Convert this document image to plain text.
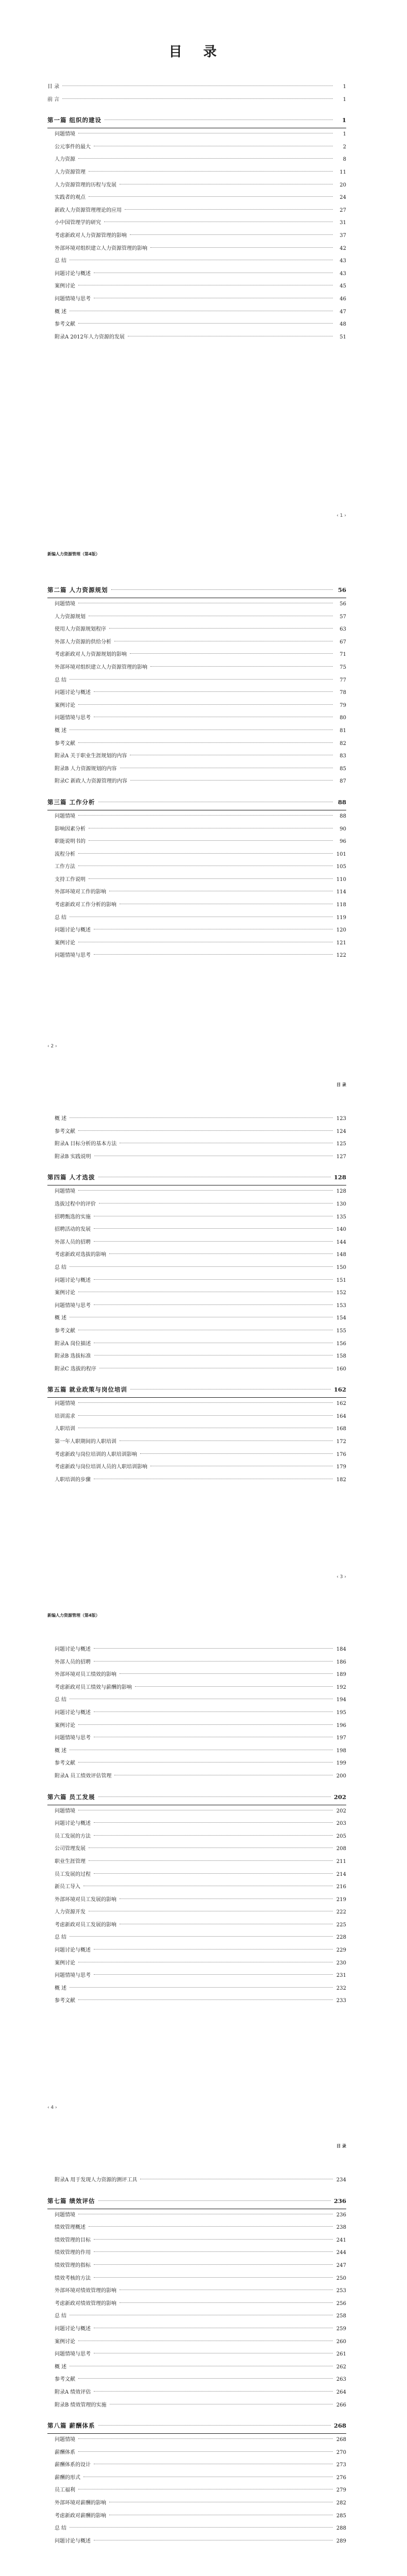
目 录
目 录	1
前 言	1
第一篇 组织的建设	1
问题情境	1
公元事件的最大	2
人力资源	8
人力资源管理	11
人力资源管理的历程与发展	20
实践者的观点	24
新政人力资源管理理论的应用	27
小中国管理学的研究	31
考虑新政对人力资源管理的影响	37
外部环境对组织建立人力资源管理的影响	42
总 结	43
问题讨论与概述	43
案例讨论	45
问题情境与思考	46
概 述	47
参考文献	48
附录A 2012年人力资源的发展	51
‹ 1 ›
新编人力资源管理（第4版）
第二篇 人力资源规划	56
问题情境	56
人力资源规划	57
使用人力资源规划程序	63
外部人力资源的供给分析	67
考虑新政对人力资源规划的影响	71
外部环境对组织建立人力资源管理的影响	75
总 结	77
问题讨论与概述	78
案例讨论	79
问题情境与思考	80
概 述	81
参考文献	82
附录A 关于职业生涯规划的内容	83
附录B 人力资源规划的内容	85
附录C 新政人力资源管理的内容	87
第三篇 工作分析	88
问题情境	88
影响因素分析	90
职能说明书的	96
流程分析	101
工作方法	105
支持工作说明	110
外部环境对工作的影响	114
考虑新政对工作分析的影响	118
总 结	119
问题讨论与概述	120
案例讨论	121
问题情境与思考	122
‹ 2 ›
目 录
概 述	123
参考文献	124
附录A 目标分析的基本方法	125
附录B 实践说明	127
第四篇 人才选拔	128
问题情境	128
选拔过程中的评价	130
招聘甄选的实施	135
招聘活动的发展	140
外部人员的招聘	144
考虑新政对选拔的影响	148
总 结	150
问题讨论与概述	151
案例讨论	152
问题情境与思考	153
概 述	154
参考文献	155
附录A 岗位描述	156
附录B 选拔标准	158
附录C 选拔的程序	160
第五篇 就业政策与岗位培训	162
问题情境	162
培训需求	164
人职培训	168
第一年人职期间的人职培训	172
考虑新政与岗位培训的人职培训影响	176
考虑新政与岗位培训人员的人职培训影响	179
人职培训的步骤	182
‹ 3 ›
新编人力资源管理（第4版）
问题讨论与概述	184
外部人员的招聘	186
外部环境对员工绩效的影响	189
考虑新政对员工绩效与薪酬的影响	192
总 结	194
问题讨论与概述	195
案例讨论	196
问题情境与思考	197
概 述	198
参考文献	199
附录A 员工绩效评估管理	200
第六篇 员工发展	202
问题情境	202
问题讨论与概述	203
员工发展的方法	205
公司管理发展	208
职业生涯管理	211
员工发展的过程	214
新员工导入	216
外部环境对员工发展的影响	219
人力资源开发	222
考虑新政对员工发展的影响	225
总 结	228
问题讨论与概述	229
案例讨论	230
问题情境与思考	231
概 述	232
参考文献	233
‹ 4 ›
目 录
附录A 用于发现人力资源的测评工具	234
第七篇 绩效评估	236
问题情境	236
绩效管理概述	238
绩效管理的目标	241
绩效管理的作用	244
绩效管理的指标	247
绩效考核的方法	250
外部环境对绩效管理的影响	253
考虑新政对绩效管理的影响	256
总 结	258
问题讨论与概述	259
案例讨论	260
问题情境与思考	261
概 述	262
参考文献	263
附录A 绩效评估	264
附录B 绩效管理的实施	266
第八篇 薪酬体系	268
问题情境	268
薪酬体系	270
薪酬体系的设计	273
薪酬的形式	276
员工福利	279
外部环境对薪酬的影响	282
考虑新政对薪酬的影响	285
总 结	288
问题讨论与概述	289
